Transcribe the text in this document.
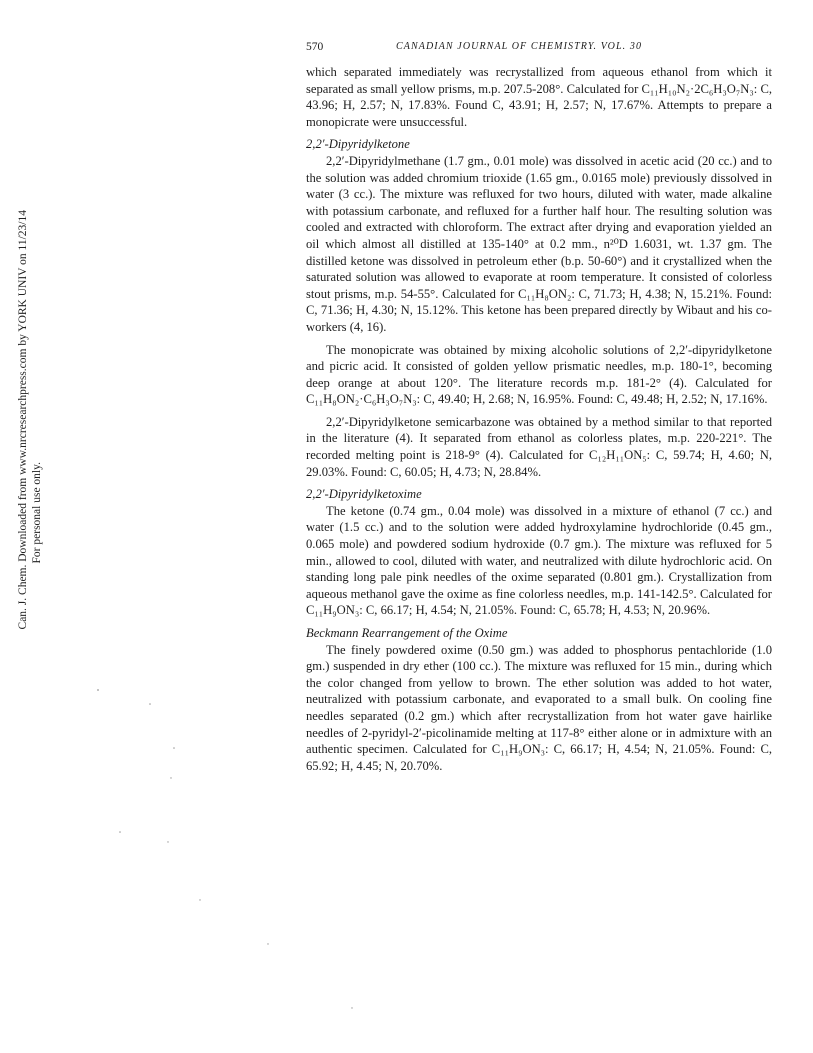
Can. J. Chem. Downloaded from www.nrcresearchpress.com by YORK UNIV on 11/23/14 For personal use only.
570	CANADIAN JOURNAL OF CHEMISTRY. VOL. 30

which separated immediately was recrystallized from aqueous ethanol from which it separated as small yellow prisms, m.p. 207.5-208°. Calculated for C₁₁H₁₀N₂·2C₆H₃O₇N₃: C, 43.96; H, 2.57; N, 17.83%. Found C, 43.91; H, 2.57; N, 17.67%. Attempts to prepare a monopicrate were unsuccessful.

2,2′-Dipyridylketone

2,2′-Dipyridylmethane (1.7 gm., 0.01 mole) was dissolved in acetic acid (20 cc.) and to the solution was added chromium trioxide (1.65 gm., 0.0165 mole) previously dissolved in water (3 cc.). The mixture was refluxed for two hours, diluted with water, made alkaline with potassium carbonate, and refluxed for a further half hour. The resulting solution was cooled and extracted with chloroform. The extract after drying and evaporation yielded an oil which almost all distilled at 135-140° at 0.2 mm., n²⁰D 1.6031, wt. 1.37 gm. The distilled ketone was dissolved in petroleum ether (b.p. 50-60°) and it crystallized when the saturated solution was allowed to evaporate at room temperature. It consisted of colorless stout prisms, m.p. 54-55°. Calculated for C₁₁H₈ON₂: C, 71.73; H, 4.38; N, 15.21%. Found: C, 71.36; H, 4.30; N, 15.12%. This ketone has been prepared directly by Wibaut and his co-workers (4, 16).

The monopicrate was obtained by mixing alcoholic solutions of 2,2′-dipyridylketone and picric acid. It consisted of golden yellow prismatic needles, m.p. 180-1°, becoming deep orange at about 120°. The literature records m.p. 181-2° (4). Calculated for C₁₁H₈ON₂·C₆H₃O₇N₃: C, 49.40; H, 2.68; N, 16.95%. Found: C, 49.48; H, 2.52; N, 17.16%.

2,2′-Dipyridylketone semicarbazone was obtained by a method similar to that reported in the literature (4). It separated from ethanol as colorless plates, m.p. 220-221°. The recorded melting point is 218-9° (4). Calculated for C₁₂H₁₁ON₅: C, 59.74; H, 4.60; N, 29.03%. Found: C, 60.05; H, 4.73; N, 28.84%.

2,2′-Dipyridylketoxime

The ketone (0.74 gm., 0.04 mole) was dissolved in a mixture of ethanol (7 cc.) and water (1.5 cc.) and to the solution were added hydroxylamine hydrochloride (0.45 gm., 0.065 mole) and powdered sodium hydroxide (0.7 gm.). The mixture was refluxed for 5 min., allowed to cool, diluted with water, and neutralized with dilute hydrochloric acid. On standing long pale pink needles of the oxime separated (0.801 gm.). Crystallization from aqueous methanol gave the oxime as fine colorless needles, m.p. 141-142.5°. Calculated for C₁₁H₉ON₃: C, 66.17; H, 4.54; N, 21.05%. Found: C, 65.78; H, 4.53; N, 20.96%.

Beckmann Rearrangement of the Oxime

The finely powdered oxime (0.50 gm.) was added to phosphorus pentachloride (1.0 gm.) suspended in dry ether (100 cc.). The mixture was refluxed for 15 min., during which the color changed from yellow to brown. The ether solution was added to hot water, neutralized with potassium carbonate, and evaporated to a small bulk. On cooling fine needles separated (0.2 gm.) which after recrystallization from hot water gave hairlike needles of 2-pyridyl-2′-picolinamide melting at 117-8° either alone or in admixture with an authentic specimen. Calculated for C₁₁H₉ON₃: C, 66.17; H, 4.54; N, 21.05%. Found: C, 65.92; H, 4.45; N, 20.70%.
